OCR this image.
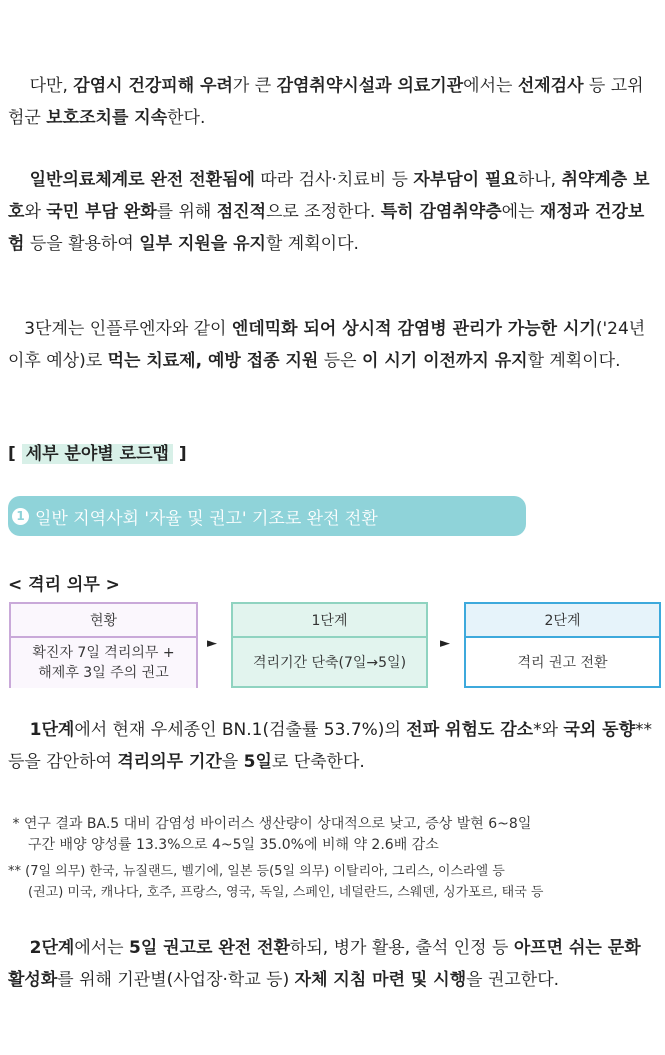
다만, 감염시 건강피해 우려가 큰 감염취약시설과 의료기관에서는 선제검사 등 고위험군 보호조치를 지속한다.

일반의료체계로 완전 전환됨에 따라 검사·치료비 등 자부담이 필요하나, 취약계층 보호와 국민 부담 완화를 위해 점진적으로 조정한다. 특히 감염취약층에는 재정과 건강보험 등을 활용하여 일부 지원을 유지할 계획이다.

3단계는 인플루엔자와 같이 엔데믹화 되어 상시적 감염병 관리가 가능한 시기('24년 이후 예상)로 먹는 치료제, 예방 접종 지원 등은 이 시기 이전까지 유지할 계획이다.

[ 세부 분야별 로드맵 ]
1 일반 지역사회 '자율 및 권고' 기조로 완전 전환
< 격리 의무 >
현황
확진자 7일 격리의무 +
해제후 3일 주의 권고
►
1단계
격리기간 단축(7일→5일)
►
2단계
격리 권고 전환

1단계에서 현재 우세종인 BN.1(검출률 53.7%)의 전파 위험도 감소*와 국외 동향** 등을 감안하여 격리의무 기간을 5일로 단축한다.

* 연구 결과 BA.5 대비 감염성 바이러스 생산량이 상대적으로 낮고, 증상 발현 6~8일
구간 배양 양성률 13.3%으로 4~5일 35.0%에 비해 약 2.6배 감소
** (7일 의무) 한국, 뉴질랜드, 벨기에, 일본 등(5일 의무) 이탈리아, 그리스, 이스라엘 등
(권고) 미국, 캐나다, 호주, 프랑스, 영국, 독일, 스페인, 네덜란드, 스웨덴, 싱가포르, 태국 등

2단계에서는 5일 권고로 완전 전환하되, 병가 활용, 출석 인정 등 아프면 쉬는 문화 활성화를 위해 기관별(사업장·학교 등) 자체 지침 마련 및 시행을 권고한다.
